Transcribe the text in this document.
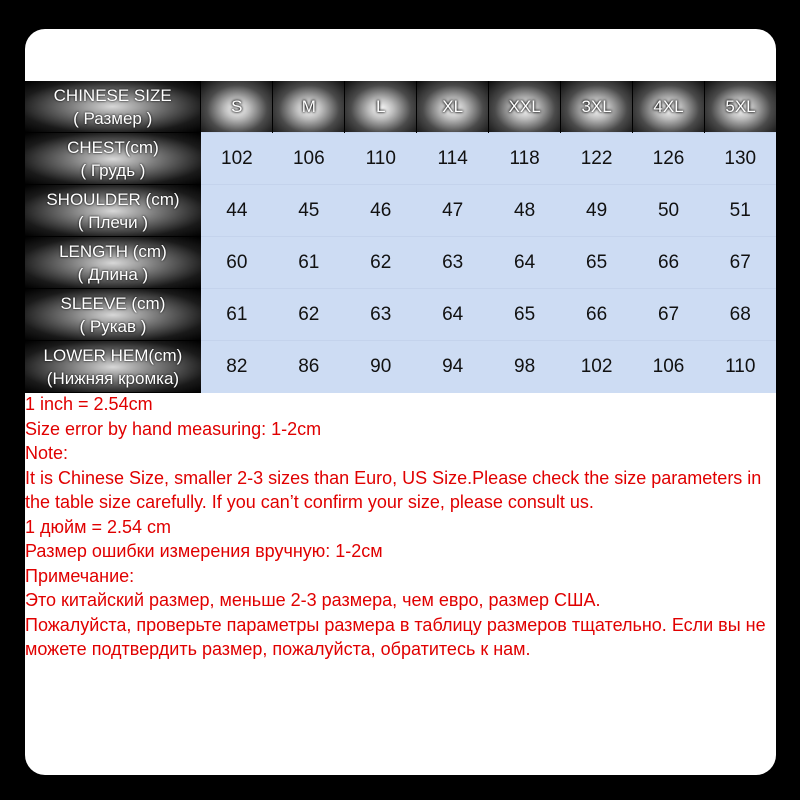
CHINESE SIZE
( Размер )	S	M	L	XL	XXL	3XL	4XL	5XL

CHEST(cm)
( Грудь )	102	106	110	114	118	122	126	130

SHOULDER (cm)
( Плечи )	44	45	46	47	48	49	50	51

LENGTH (cm)
( Длина )	60	61	62	63	64	65	66	67

SLEEVE (cm)
( Рукав )	61	62	63	64	65	66	67	68

LOWER HEM(cm)
(Нижняя кромка)	82	86	90	94	98	102	106	110

1 inch = 2.54cm

Size error by hand measuring: 1-2cm

Note:

It is Chinese Size, smaller 2-3 sizes than Euro, US Size.Please check the size parameters in the table size carefully. If you can’t confirm your size, please consult us.

1 дюйм = 2.54 cm

Размер ошибки измерения вручную: 1-2см

Примечание:

Это китайский размер, меньше 2-3 размера, чем евро, размер США.

Пожалуйста, проверьте параметры размера в таблицу размеров тщательно. Если вы не можете подтвердить размер, пожалуйста, обратитесь к нам.
